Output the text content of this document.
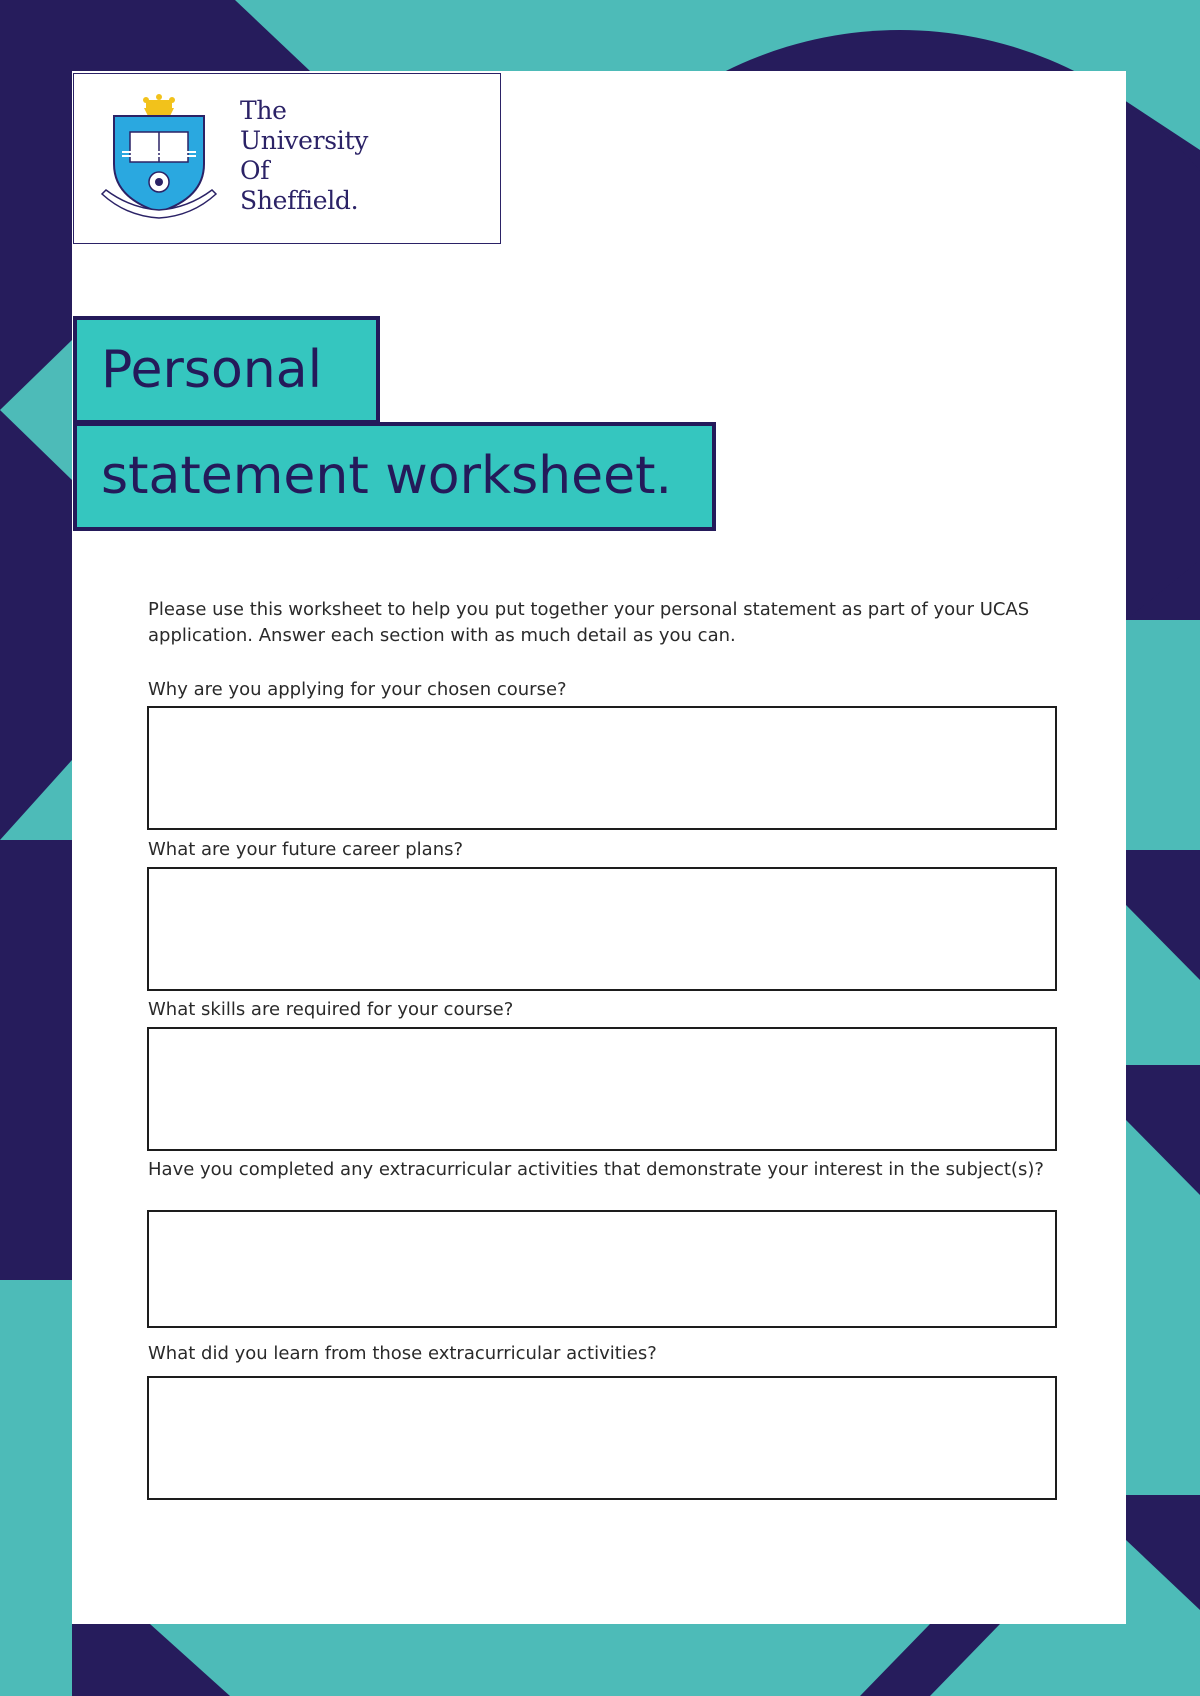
The
University
Of
Sheffield.
Personal
statement worksheet.
Please use this worksheet to help you put together your personal statement as part of your UCAS application. Answer each section with as much detail as you can.
Why are you applying for your chosen course?
What are your future career plans?
What skills are required for your course?
Have you completed any extracurricular activities that demonstrate your interest in the subject(s)?
What did you learn from those extracurricular activities?
